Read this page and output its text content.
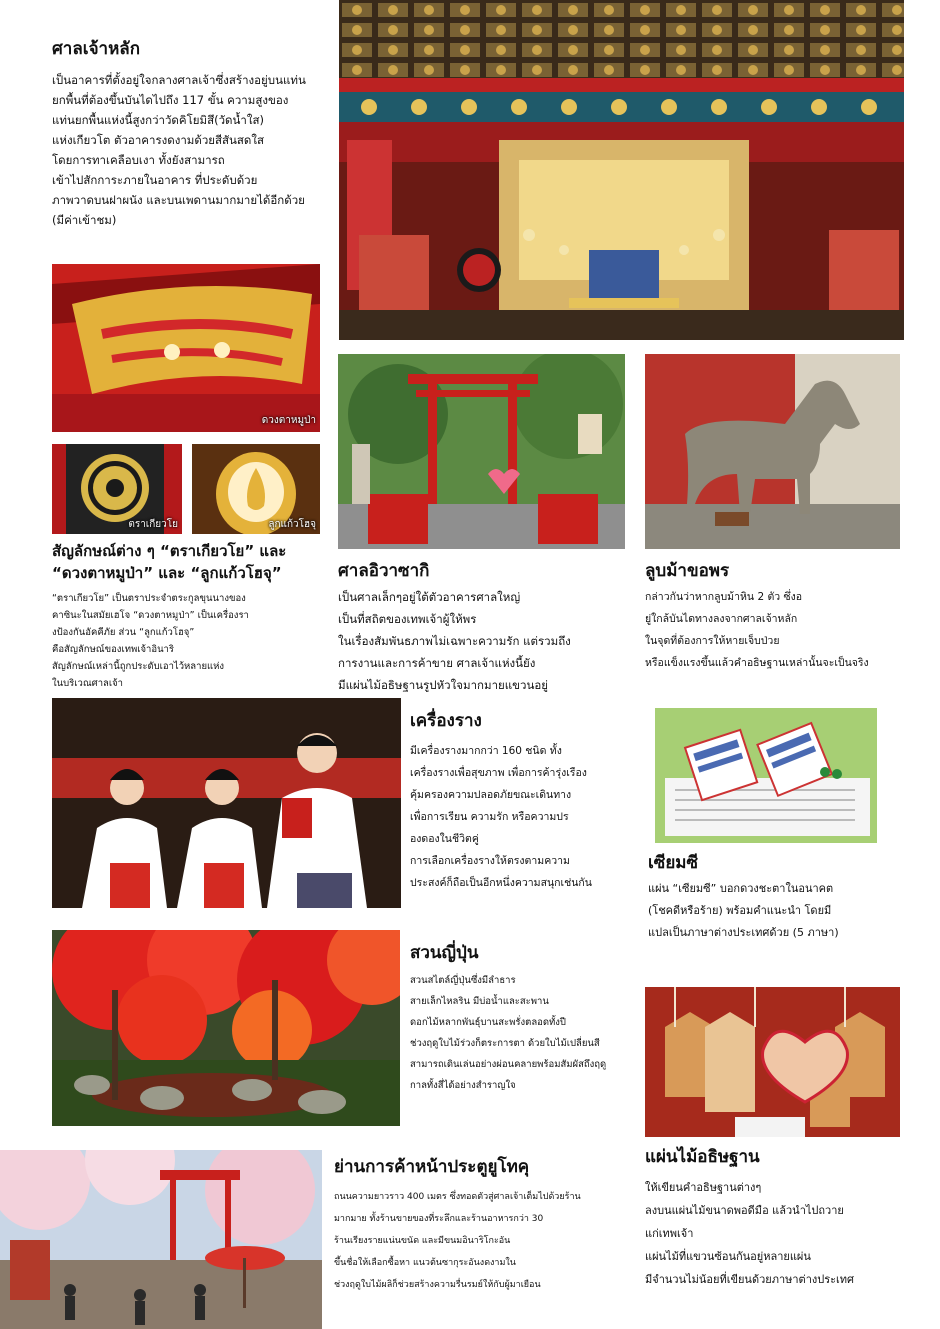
ศาลเจ้าหลัก

เป็นอาคารที่ตั้งอยู่ใจกลางศาลเจ้าซึ่งสร้างอยู่บนแท่น
ยกพื้นที่ต้องขึ้นบันไดไปถึง 117 ขั้น ความสูงของ
แท่นยกพื้นแห่งนี้สูงกว่าวัดคิโยมิสึ(วัดน้ำใส)
แห่งเกียวโต ตัวอาคารงดงามด้วยสีสันสดใส
โดยการทาเคลือบเงา ทั้งยังสามารถ
เข้าไปสักการะภายในอาคาร ที่ประดับด้วย
ภาพวาดบนฝาผนัง และบนเพดานมากมายได้อีกด้วย
(มีค่าเข้าชม)

ดวงตาหมูป่า
ตราเกียวโย	ลูกแก้วโฮจุ
สัญลักษณ์ต่าง ๆ “ตราเกียวโย” และ
“ดวงตาหมูป่า” และ “ลูกแก้วโฮจุ”

“ตราเกียวโย” เป็นตราประจำตระกูลขุนนางของ
คาซินะในสมัยเฮโจ “ดวงตาหมูป่า” เป็นเครื่องรา
งป้องกันอัคคีภัย ส่วน “ลูกแก้วโฮจุ”
คือสัญลักษณ์ของเทพเจ้าอินาริ
สัญลักษณ์เหล่านี้ถูกประดับเอาไว้หลายแห่ง
ในบริเวณศาลเจ้า

ศาลอิวาซากิ

เป็นศาลเล็กๆอยู่ใต้ตัวอาคารศาลใหญ่
เป็นที่สถิตของเทพเจ้าผู้ให้พร
ในเรื่องสัมพันธภาพไม่เฉพาะความรัก แต่รวมถึง
การงานและการค้าขาย ศาลเจ้าแห่งนี้ยัง
มีแผ่นไม้อธิษฐานรูปหัวใจมากมายแขวนอยู่

ลูบม้าขอพร

กล่าวกันว่าหากลูบม้าหิน 2 ตัว ซึ่งอ
ยู่ใกล้บันไดทางลงจากศาลเจ้าหลัก
ในจุดที่ต้องการให้หายเจ็บป่วย
หรือแข็งแรงขึ้นแล้วคำอธิษฐานเหล่านั้นจะเป็นจริง

เครื่องราง

มีเครื่องรางมากกว่า 160 ชนิด ทั้ง
เครื่องรางเพื่อสุขภาพ เพื่อการค้ารุ่งเรือง
คุ้มครองความปลอดภัยขณะเดินทาง
เพื่อการเรียน ความรัก หรือความปร
องดองในชีวิตคู่
การเลือกเครื่องรางให้ตรงตามความ
ประสงค์ก็ถือเป็นอีกหนึ่งความสนุกเช่นกัน

เซียมซี

แผ่น “เซียมซี” บอกดวงชะตาในอนาคต
(โชคดีหรือร้าย) พร้อมคำแนะนำ โดยมี
แปลเป็นภาษาต่างประเทศด้วย (5 ภาษา)

สวนญี่ปุ่น

สวนสไตล์ญี่ปุ่นซึ่งมีลำธาร
สายเล็กไหลริน มีบ่อน้ำและสะพาน
ดอกไม้หลากพันธุ์บานสะพรั่งตลอดทั้งปี
ช่วงฤดูใบไม้ร่วงก็ตระการตา ด้วยใบไม้เปลี่ยนสี
สามารถเดินเล่นอย่างผ่อนคลายพร้อมสัมผัสถึงฤดู
กาลทั้งสี่ได้อย่างสำราญใจ

แผ่นไม้อธิษฐาน

ให้เขียนคำอธิษฐานต่างๆ
ลงบนแผ่นไม้ขนาดพอดีมือ แล้วนำไปถวาย
แก่เทพเจ้า
แผ่นไม้ที่แขวนซ้อนกันอยู่หลายแผ่น
มีจำนวนไม่น้อยที่เขียนด้วยภาษาต่างประเทศ

ย่านการค้าหน้าประตูยูโทคุ

ถนนความยาวราว 400 เมตร ซึ่งทอดตัวสู่ศาลเจ้าเต็มไปด้วยร้าน
มากมาย ทั้งร้านขายของที่ระลึกและร้านอาหารกว่า 30
ร้านเรียงรายแน่นขนัด และมีขนมอินาริโกะอัน
ขึ้นชื่อให้เลือกซื้อหา แนวต้นซากุระอันงดงามใน
ช่วงฤดูใบไม้ผลิก็ช่วยสร้างความรื่นรมย์ให้กับผู้มาเยือน
